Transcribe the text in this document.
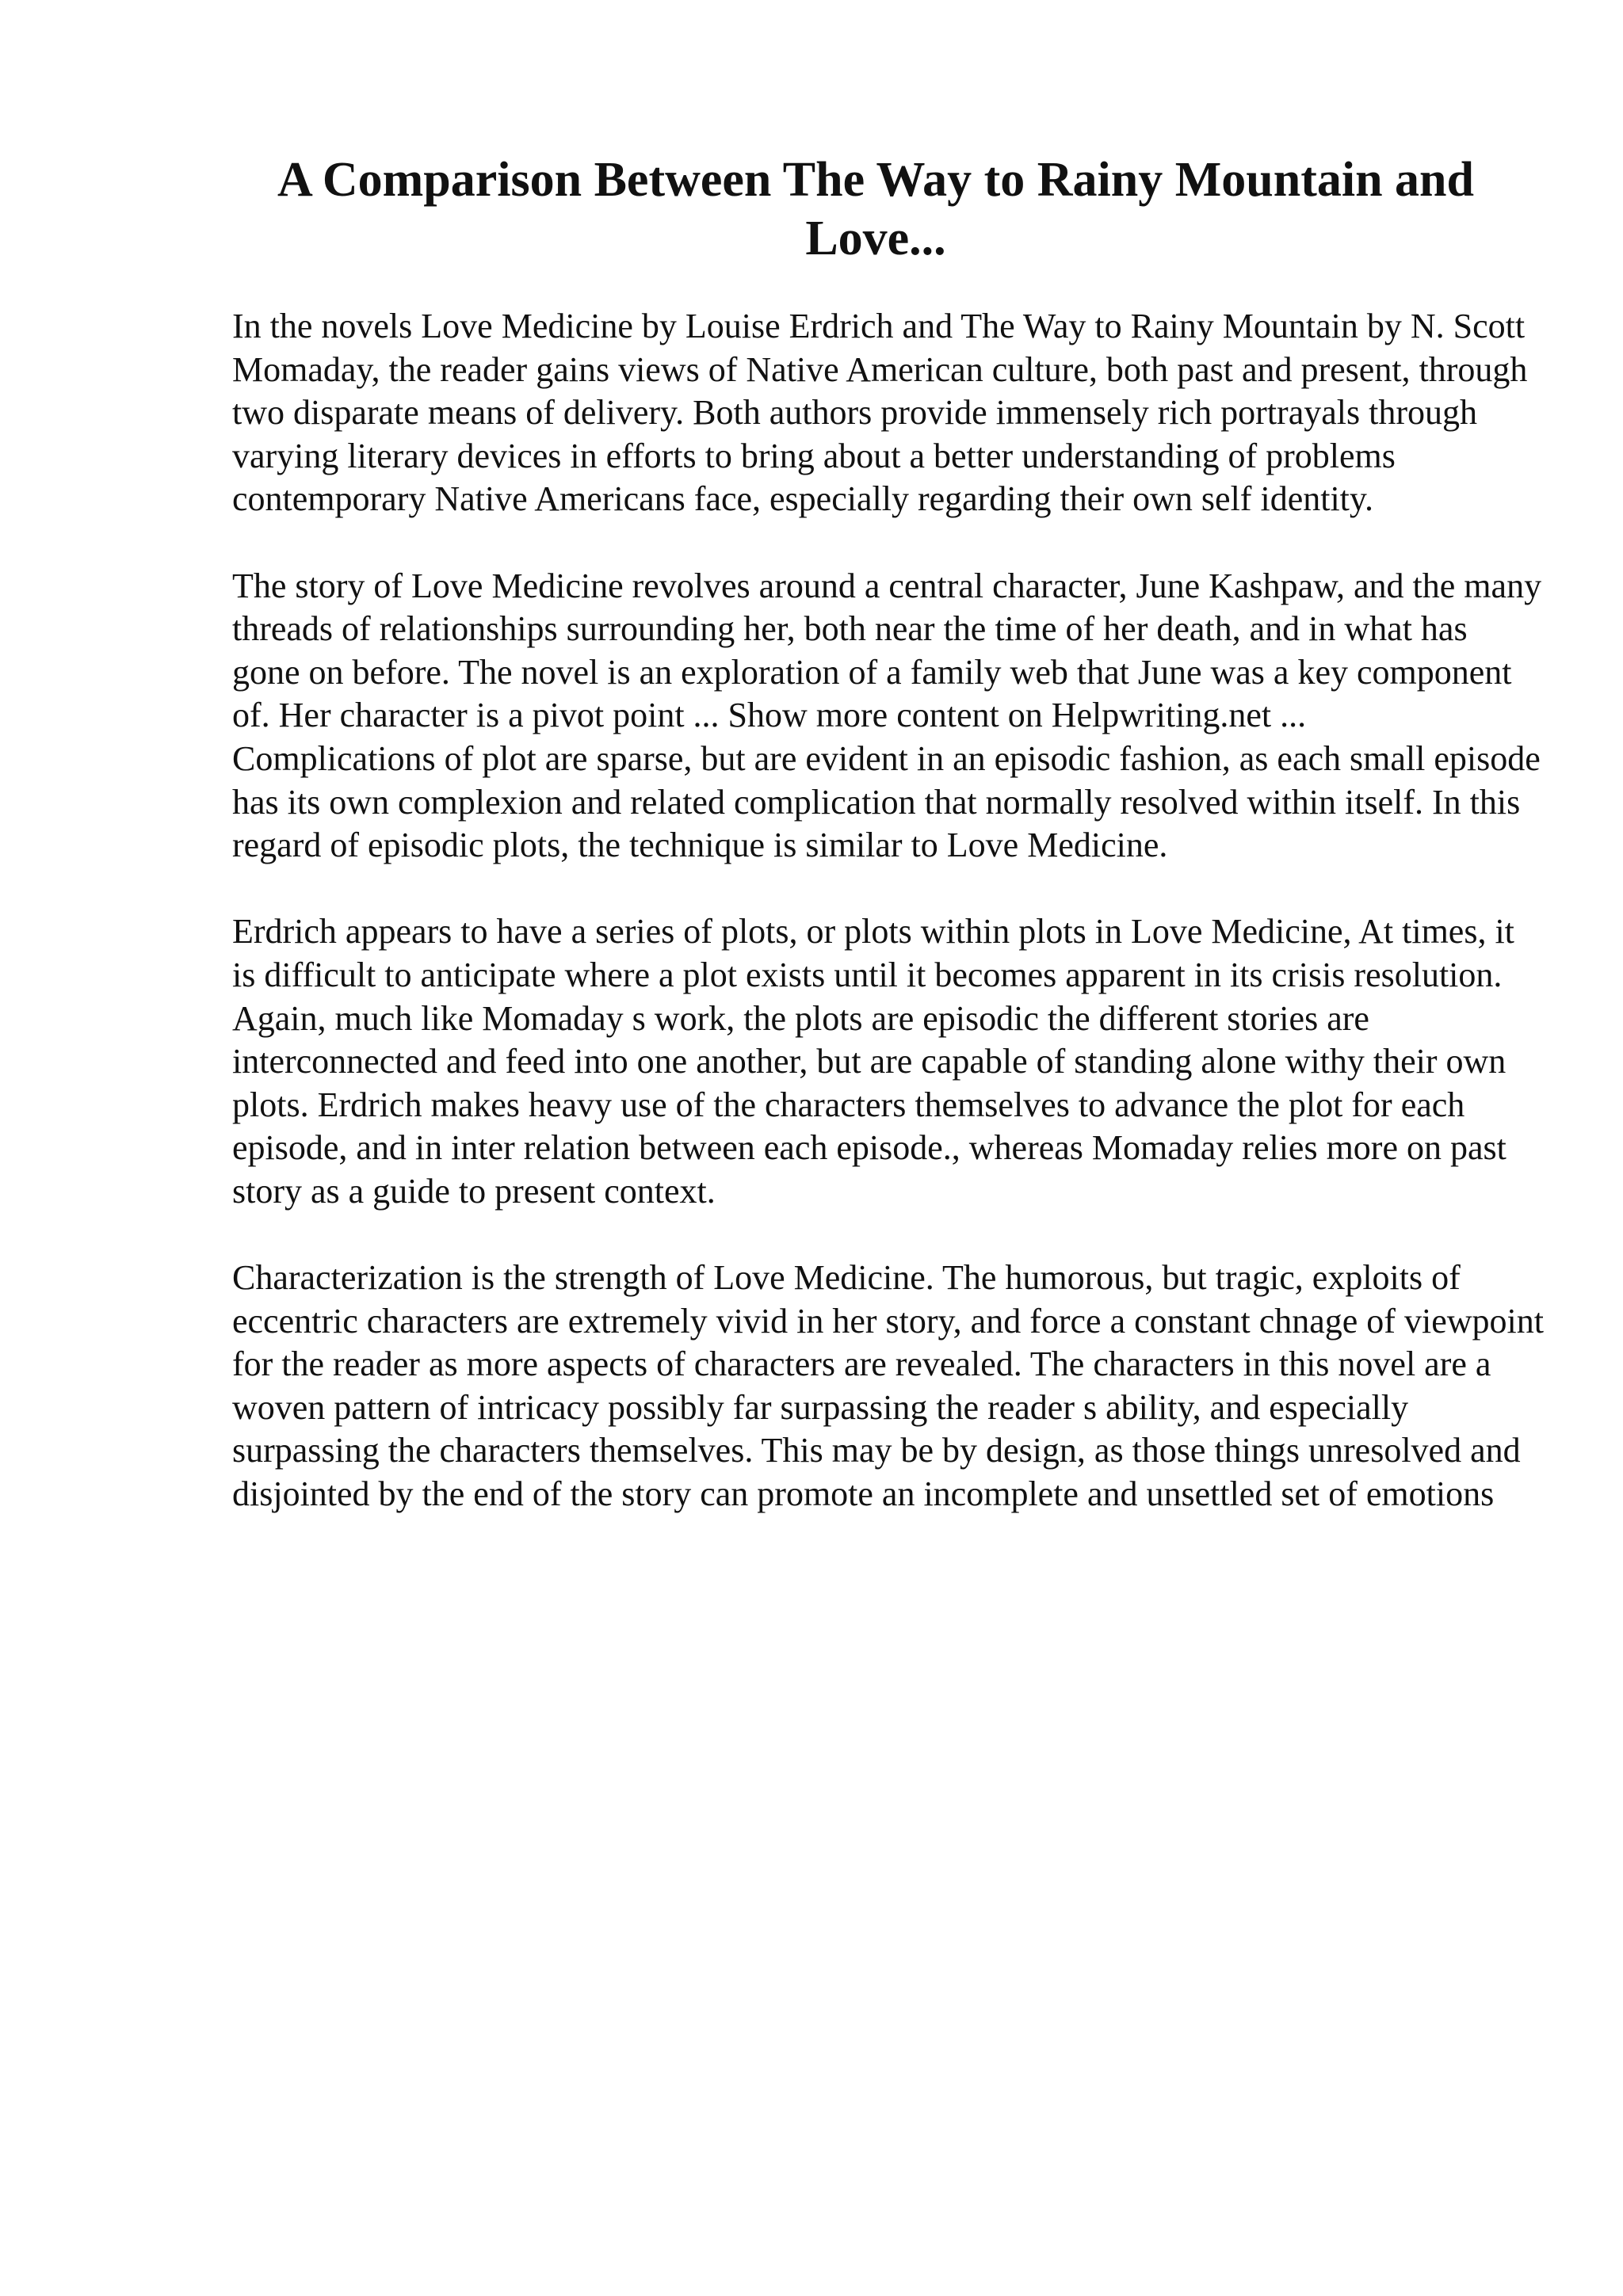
A Comparison Between The Way to Rainy Mountain and Love...

In the novels Love Medicine by Louise Erdrich and The Way to Rainy Mountain by N. Scott Momaday, the reader gains views of Native American culture, both past and present, through two disparate means of delivery. Both authors provide immensely rich portrayals through varying literary devices in efforts to bring about a better understanding of problems contemporary Native Americans face, especially regarding their own self identity.

The story of Love Medicine revolves around a central character, June Kashpaw, and the many threads of relationships surrounding her, both near the time of her death, and in what has gone on before. The novel is an exploration of a family web that June was a key component of. Her character is a pivot point ... Show more content on Helpwriting.net ...

Complications of plot are sparse, but are evident in an episodic fashion, as each small episode has its own complexion and related complication that normally resolved within itself. In this regard of episodic plots, the technique is similar to Love Medicine.

Erdrich appears to have a series of plots, or plots within plots in Love Medicine, At times, it is difficult to anticipate where a plot exists until it becomes apparent in its crisis resolution. Again, much like Momaday s work, the plots are episodic the different stories are interconnected and feed into one another, but are capable of standing alone withy their own plots. Erdrich makes heavy use of the characters themselves to advance the plot for each episode, and in inter relation between each episode., whereas Momaday relies more on past story as a guide to present context.

Characterization is the strength of Love Medicine. The humorous, but tragic, exploits of eccentric characters are extremely vivid in her story, and force a constant chnage of viewpoint for the reader as more aspects of characters are revealed. The characters in this novel are a woven pattern of intricacy possibly far surpassing the reader s ability, and especially surpassing the characters themselves. This may be by design, as those things unresolved and disjointed by the end of the story can promote an incomplete and unsettled set of emotions
